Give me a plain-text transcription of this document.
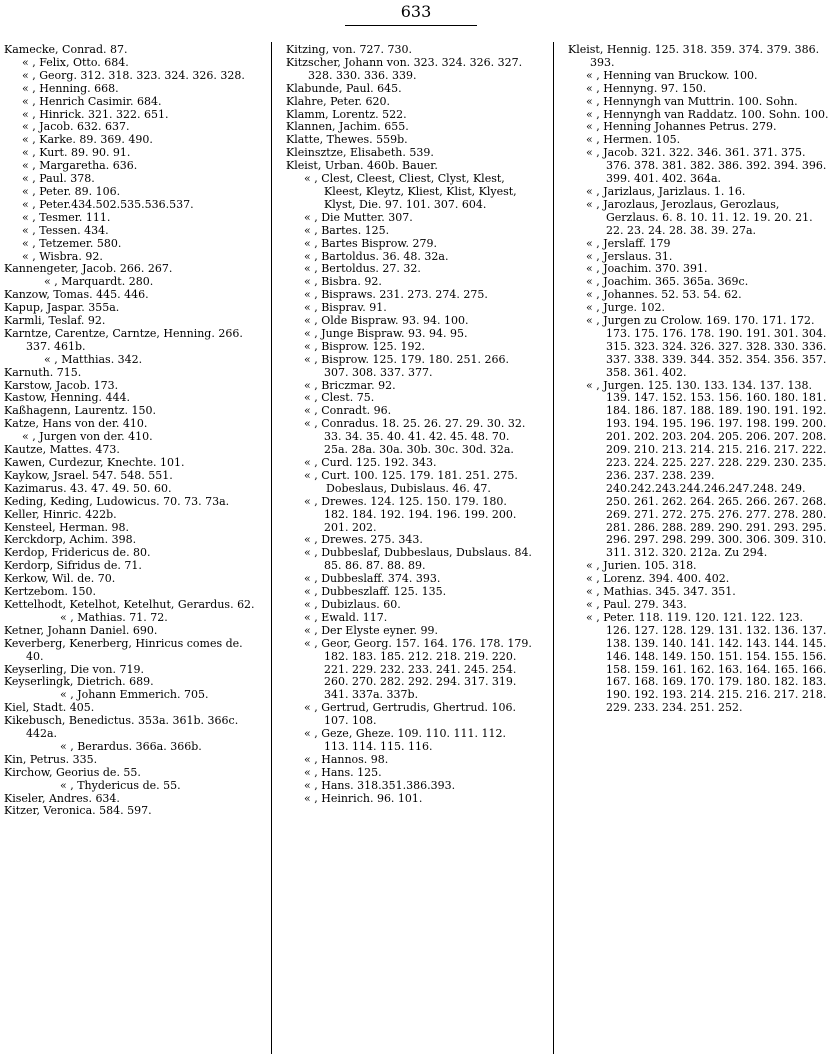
633
Kamecke, Conrad. 87.
« , Felix, Otto. 684.
« , Georg. 312. 318. 323. 324. 326. 328.
« , Henning. 668.
« , Henrich Casimir. 684.
« , Hinrick. 321. 322. 651.
« , Jacob. 632. 637.
« , Karke. 89. 369. 490.
« , Kurt. 89. 90. 91.
« , Margaretha. 636.
« , Paul. 378.
« , Peter. 89. 106.
« , Peter.434.502.535.536.537.
« , Tesmer. 111.
« , Tessen. 434.
« , Tetzemer. 580.
« , Wisbra. 92.
Kannengeter, Jacob. 266. 267.
« , Marquardt. 280.
Kanzow, Tomas. 445. 446.
Kapup, Jaspar. 355a.
Karmli, Teslaf. 92.
Karntze, Carentze, Carntze, Henning. 266. 337. 461b.
« , Matthias. 342.
Karnuth. 715.
Karstow, Jacob. 173.
Kastow, Henning. 444.
Kaßhagenn, Laurentz. 150.
Katze, Hans von der. 410.
« , Jurgen von der. 410.
Kautze, Mattes. 473.
Kawen, Curdezur, Knechte. 101.
Kaykow, Jsrael. 547. 548. 551.
Kazimarus. 43. 47. 49. 50. 60.
Keding, Keding, Ludowicus. 70. 73. 73a.
Keller, Hinric. 422b.
Kensteel, Herman. 98.
Kerckdorp, Achim. 398.
Kerdop, Fridericus de. 80.
Kerdorp, Sifridus de. 71.
Kerkow, Wil. de. 70.
Kertzebom. 150.
Kettelhodt, Ketelhot, Ketelhut, Gerardus. 62.
« , Mathias. 71. 72.
Ketner, Johann Daniel. 690.
Keverberg, Kenerberg, Hinricus comes de. 40.
Keyserling, Die von. 719.
Keyserlingk, Dietrich. 689.
« , Johann Emmerich. 705.
Kiel, Stadt. 405.
Kikebusch, Benedictus. 353a. 361b. 366c. 442a.
« , Berardus. 366a. 366b.
Kin, Petrus. 335.
Kirchow, Georius de. 55.
« , Thydericus de. 55.
Kiseler, Andres. 634.
Kitzer, Veronica. 584. 597.
Kitzing, von. 727. 730.
Kitzscher, Johann von. 323. 324. 326. 327. 328. 330. 336. 339.
Klabunde, Paul. 645.
Klahre, Peter. 620.
Klamm, Lorentz. 522.
Klannen, Jachim. 655.
Klatte, Thewes. 559b.
Kleinsztze, Elisabeth. 539.
Kleist, Urban. 460b. Bauer.
« , Clest, Cleest, Cliest, Clyst, Klest, Kleest, Kleytz, Kliest, Klist, Klyest, Klyst, Die. 97. 101. 307. 604.
« , Die Mutter. 307.
« , Bartes. 125.
« , Bartes Bisprow. 279.
« , Bartoldus. 36. 48. 32a.
« , Bertoldus. 27. 32.
« , Bisbra. 92.
« , Bispraws. 231. 273. 274. 275.
« , Bisprav. 91.
« , Olde Bispraw. 93. 94. 100.
« , Junge Bispraw. 93. 94. 95.
« , Bisprow. 125. 192.
« , Bisprow. 125. 179. 180. 251. 266. 307. 308. 337. 377.
« , Briczmar. 92.
« , Clest. 75.
« , Conradt. 96.
« , Conradus. 18. 25. 26. 27. 29. 30. 32. 33. 34. 35. 40. 41. 42. 45. 48. 70. 25a. 28a. 30a. 30b. 30c. 30d. 32a.
« , Curd. 125. 192. 343.
« , Curt. 100. 125. 179. 181. 251. 275.
Dobeslaus, Dubislaus. 46. 47.
« , Drewes. 124. 125. 150. 179. 180. 182. 184. 192. 194. 196. 199. 200. 201. 202.
« , Drewes. 275. 343.
« , Dubbeslaf, Dubbeslaus, Dubslaus. 84. 85. 86. 87. 88. 89.
« , Dubbeslaff. 374. 393.
« , Dubbeszlaff. 125. 135.
« , Dubizlaus. 60.
« , Ewald. 117.
« , Der Elyste eyner. 99.
« , Geor, Georg. 157. 164. 176. 178. 179. 182. 183. 185. 212. 218. 219. 220. 221. 229. 232. 233. 241. 245. 254. 260. 270. 282. 292. 294. 317. 319. 341. 337a. 337b.
« , Gertrud, Gertrudis, Ghertrud. 106. 107. 108.
« , Geze, Gheze. 109. 110. 111. 112. 113. 114. 115. 116.
« , Hannos. 98.
« , Hans. 125.
« , Hans. 318.351.386.393.
« , Heinrich. 96. 101.
Kleist, Hennig. 125. 318. 359. 374. 379. 386. 393.
« , Henning van Bruckow. 100.
« , Hennyng. 97. 150.
« , Hennyngh van Muttrin. 100. Sohn.
« , Hennyngh van Raddatz. 100. Sohn. 100.
« , Henning Johannes Petrus. 279.
« , Hermen. 105.
« , Jacob. 321. 322. 346. 361. 371. 375. 376. 378. 381. 382. 386. 392. 394. 396. 399. 401. 402. 364a.
« , Jarizlaus, Jarizlaus. 1. 16.
« , Jarozlaus, Jerozlaus, Gerozlaus, Gerzlaus. 6. 8. 10. 11. 12. 19. 20. 21. 22. 23. 24. 28. 38. 39. 27a.
« , Jerslaff. 179
« , Jerslaus. 31.
« , Joachim. 370. 391.
« , Joachim. 365. 365a. 369c.
« , Johannes. 52. 53. 54. 62.
« , Jurge. 102.
« , Jurgen zu Crolow. 169. 170. 171. 172. 173. 175. 176. 178. 190. 191. 301. 304. 315. 323. 324. 326. 327. 328. 330. 336. 337. 338. 339. 344. 352. 354. 356. 357. 358. 361. 402.
« , Jurgen. 125. 130. 133. 134. 137. 138. 139. 147. 152. 153. 156. 160. 180. 181. 184. 186. 187. 188. 189. 190. 191. 192. 193. 194. 195. 196. 197. 198. 199. 200. 201. 202. 203. 204. 205. 206. 207. 208. 209. 210. 213. 214. 215. 216. 217. 222. 223. 224. 225. 227. 228. 229. 230. 235. 236. 237. 238. 239. 240.242.243.244.246.247.248. 249. 250. 261. 262. 264. 265. 266. 267. 268. 269. 271. 272. 275. 276. 277. 278. 280. 281. 286. 288. 289. 290. 291. 293. 295. 296. 297. 298. 299. 300. 306. 309. 310. 311. 312. 320. 212a. Zu 294.
« , Jurien. 105. 318.
« , Lorenz. 394. 400. 402.
« , Mathias. 345. 347. 351.
« , Paul. 279. 343.
« , Peter. 118. 119. 120. 121. 122. 123. 126. 127. 128. 129. 131. 132. 136. 137. 138. 139. 140. 141. 142. 143. 144. 145. 146. 148. 149. 150. 151. 154. 155. 156. 158. 159. 161. 162. 163. 164. 165. 166. 167. 168. 169. 170. 179. 180. 182. 183. 190. 192. 193. 214. 215. 216. 217. 218. 229. 233. 234. 251. 252.
